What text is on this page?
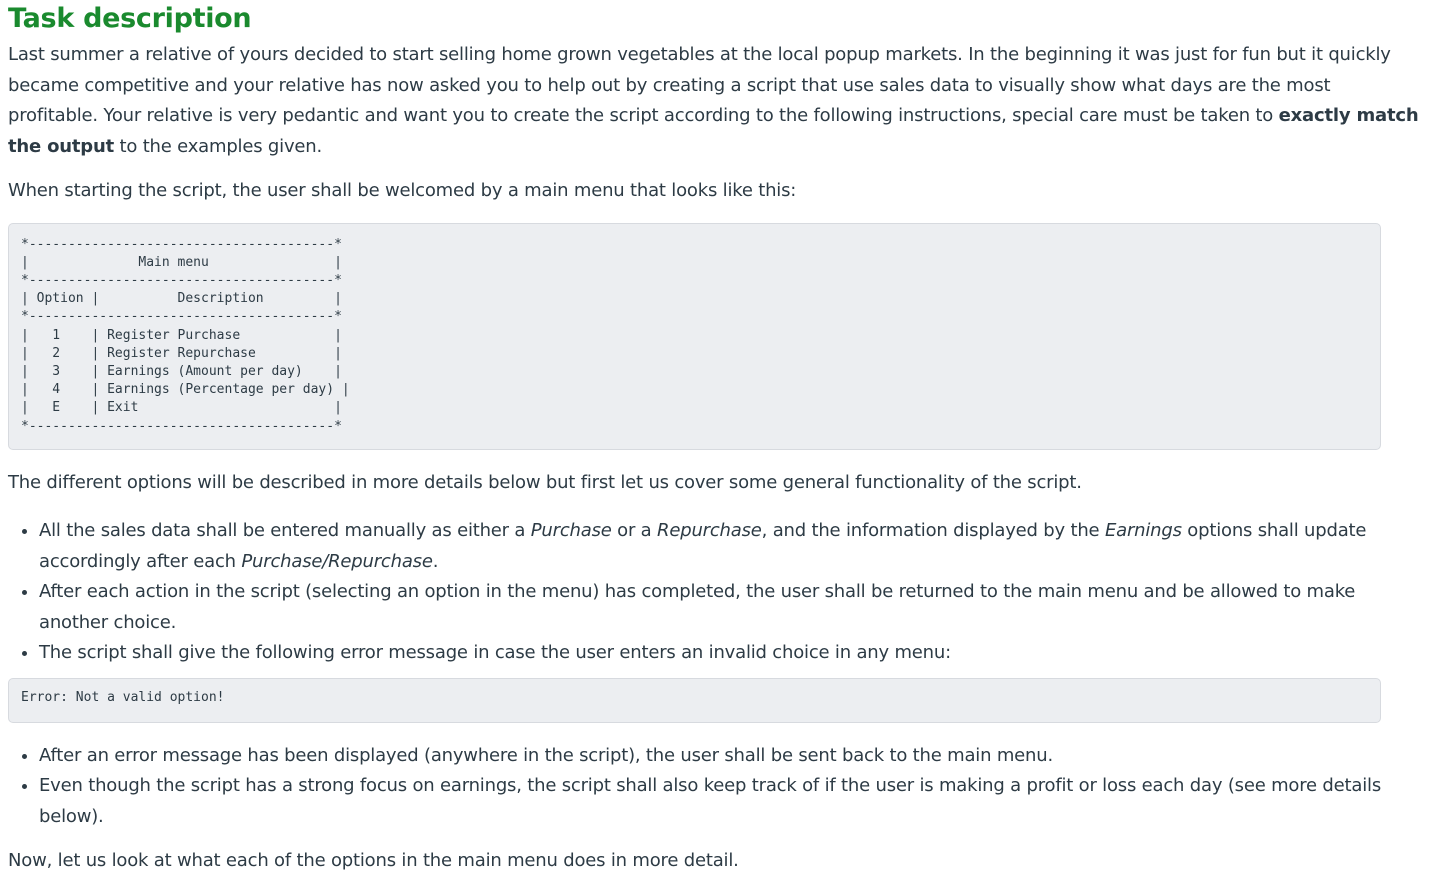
Task description

Last summer a relative of yours decided to start selling home grown vegetables at the local popup markets. In the beginning it was just for fun but it quickly became competitive and your relative has now asked you to help out by creating a script that use sales data to visually show what days are the most profitable. Your relative is very pedantic and want you to create the script according to the following instructions, special care must be taken to exactly match the output to the examples given.

When starting the script, the user shall be welcomed by a main menu that looks like this:

*---------------------------------------*
|              Main menu                |
*---------------------------------------*
| Option |          Description         |
*---------------------------------------*
|   1    | Register Purchase            |
|   2    | Register Repurchase          |
|   3    | Earnings (Amount per day)    |
|   4    | Earnings (Percentage per day) |
|   E    | Exit                         |
*---------------------------------------*

The different options will be described in more details below but first let us cover some general functionality of the script.

• All the sales data shall be entered manually as either a Purchase or a Repurchase, and the information displayed by the Earnings options shall update accordingly after each Purchase/Repurchase.
• After each action in the script (selecting an option in the menu) has completed, the user shall be returned to the main menu and be allowed to make another choice.
• The script shall give the following error message in case the user enters an invalid choice in any menu:
Error: Not a valid option!
• After an error message has been displayed (anywhere in the script), the user shall be sent back to the main menu.
• Even though the script has a strong focus on earnings, the script shall also keep track of if the user is making a profit or loss each day (see more details below).

Now, let us look at what each of the options in the main menu does in more detail.
